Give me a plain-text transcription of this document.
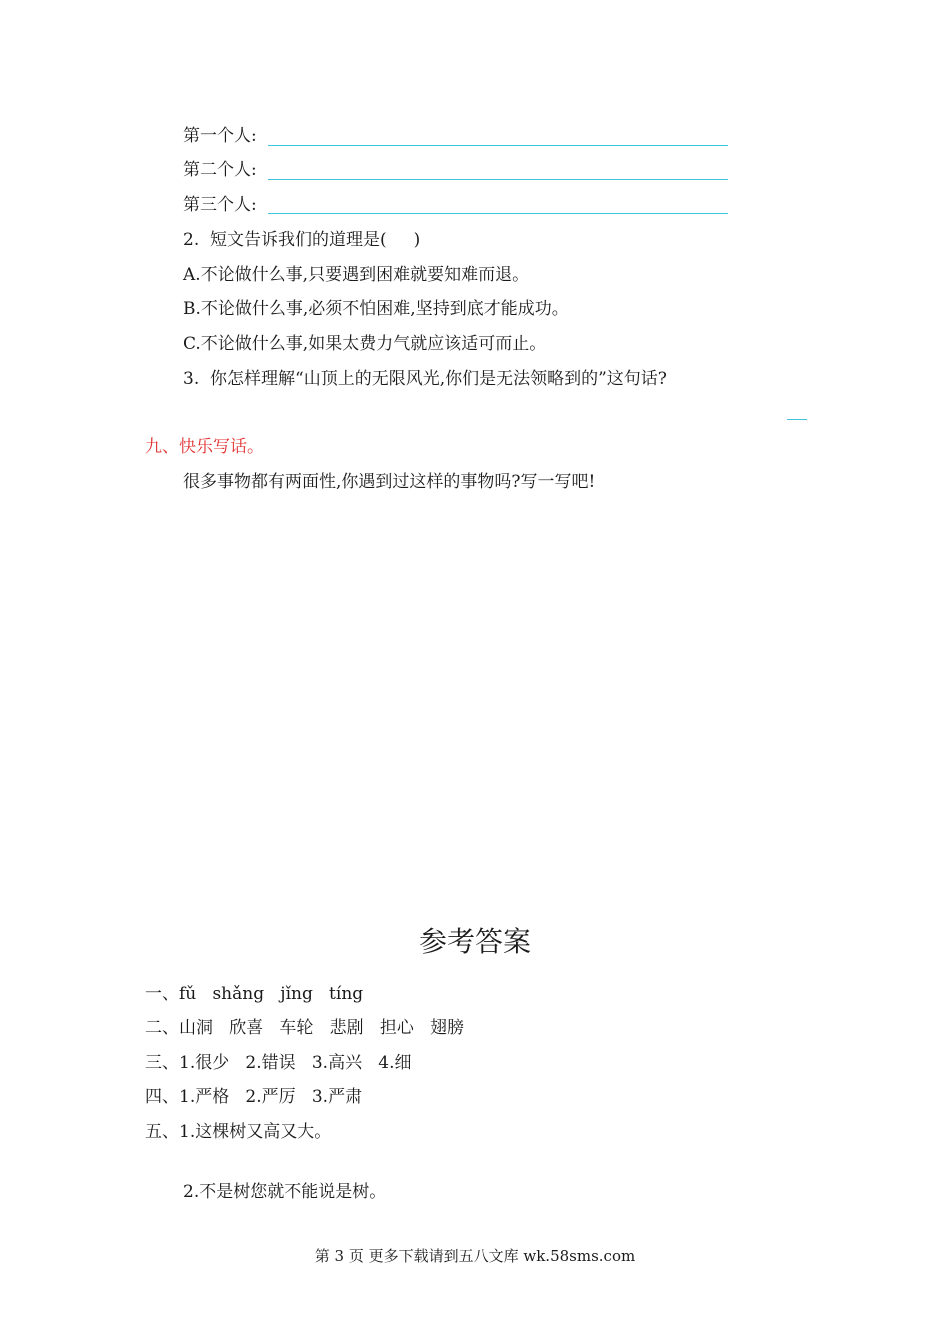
第一个人:
第二个人:
第三个人:
2.  短文告诉我们的道理是(     )
A.不论做什么事,只要遇到困难就要知难而退。
B.不论做什么事,必须不怕困难,坚持到底才能成功。
C.不论做什么事,如果太费力气就应该适可而止。
3.  你怎样理解“山顶上的无限风光,你们是无法领略到的”这句话?
九、快乐写话。
很多事物都有两面性,你遇到过这样的事物吗?写一写吧!
参考答案
一、fǔ   shǎng   jǐng   tíng
二、山洞   欣喜   车轮   悲剧   担心   翅膀
三、1.很少   2.错误   3.高兴   4.细
四、1.严格   2.严厉   3.严肃
五、1.这棵树又高又大。
2.不是树您就不能说是树。
第 3 页 更多下载请到五八文库 wk.58sms.com
